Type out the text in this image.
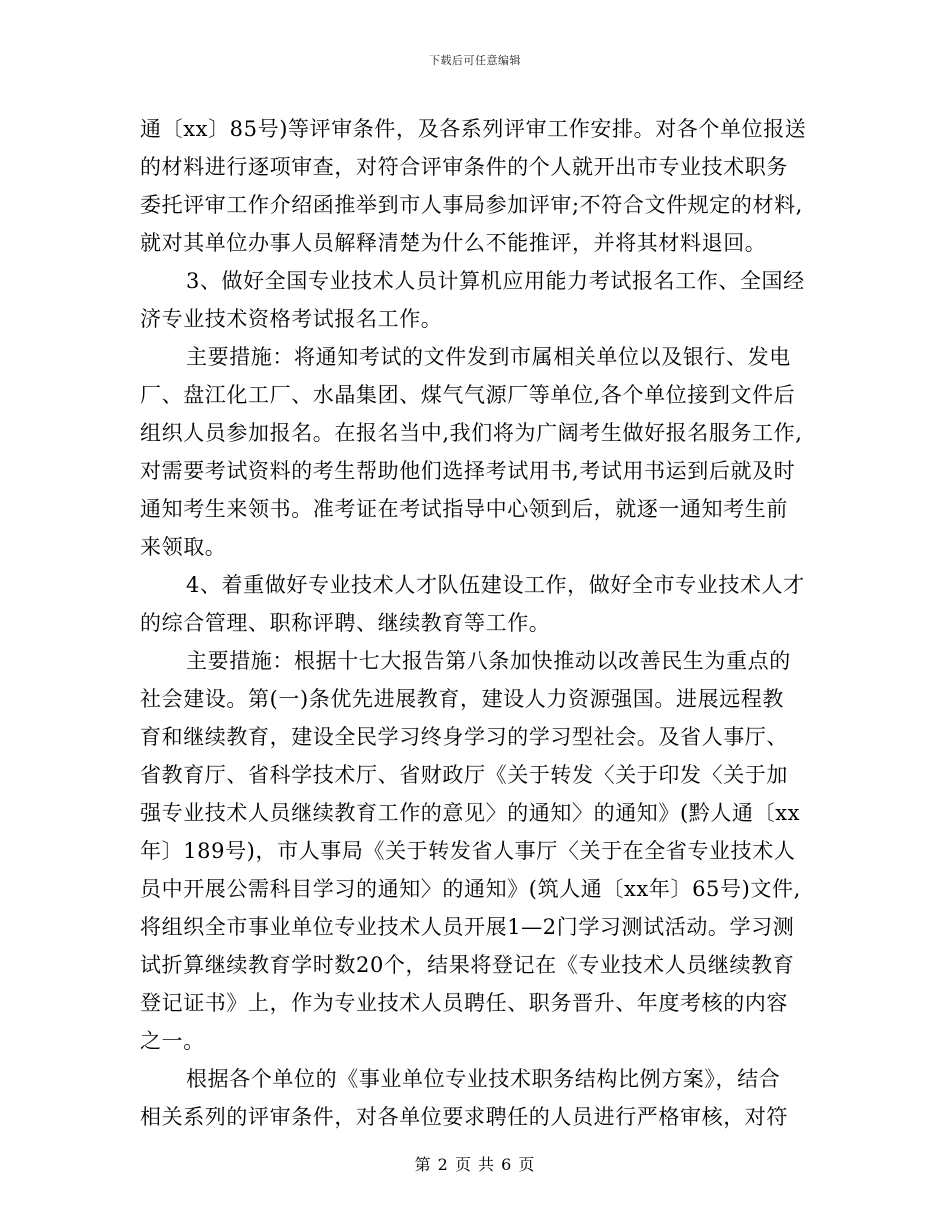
下载后可任意编辑
通〔xx〕85号)等评审条件，及各系列评审工作安排。对各个单位报送
的材料进行逐项审查，对符合评审条件的个人就开出市专业技术职务
委托评审工作介绍函推举到市人事局参加评审;不符合文件规定的材料,
就对其单位办事人员解释清楚为什么不能推评，并将其材料退回。
3、做好全国专业技术人员计算机应用能力考试报名工作、全国经
济专业技术资格考试报名工作。
主要措施：将通知考试的文件发到市属相关单位以及银行、发电
厂、盘江化工厂、水晶集团、煤气气源厂等单位,各个单位接到文件后
组织人员参加报名。在报名当中,我们将为广阔考生做好报名服务工作,
对需要考试资料的考生帮助他们选择考试用书,考试用书运到后就及时
通知考生来领书。准考证在考试指导中心领到后，就逐一通知考生前
来领取。
4、着重做好专业技术人才队伍建设工作，做好全市专业技术人才
的综合管理、职称评聘、继续教育等工作。
主要措施：根据十七大报告第八条加快推动以改善民生为重点的
社会建设。第(一)条优先进展教育，建设人力资源强国。进展远程教
育和继续教育，建设全民学习终身学习的学习型社会。及省人事厅、
省教育厅、省科学技术厅、省财政厅《关于转发〈关于印发〈关于加
强专业技术人员继续教育工作的意见〉的通知〉的通知》(黔人通〔xx
年〕189号)，市人事局《关于转发省人事厅〈关于在全省专业技术人
员中开展公需科目学习的通知〉的通知》(筑人通〔xx年〕65号)文件,
将组织全市事业单位专业技术人员开展1—2门学习测试活动。学习测
试折算继续教育学时数20个，结果将登记在《专业技术人员继续教育
登记证书》上，作为专业技术人员聘任、职务晋升、年度考核的内容
之一。
根据各个单位的《事业单位专业技术职务结构比例方案》，结合
相关系列的评审条件，对各单位要求聘任的人员进行严格审核，对符
第 2 页 共 6 页
